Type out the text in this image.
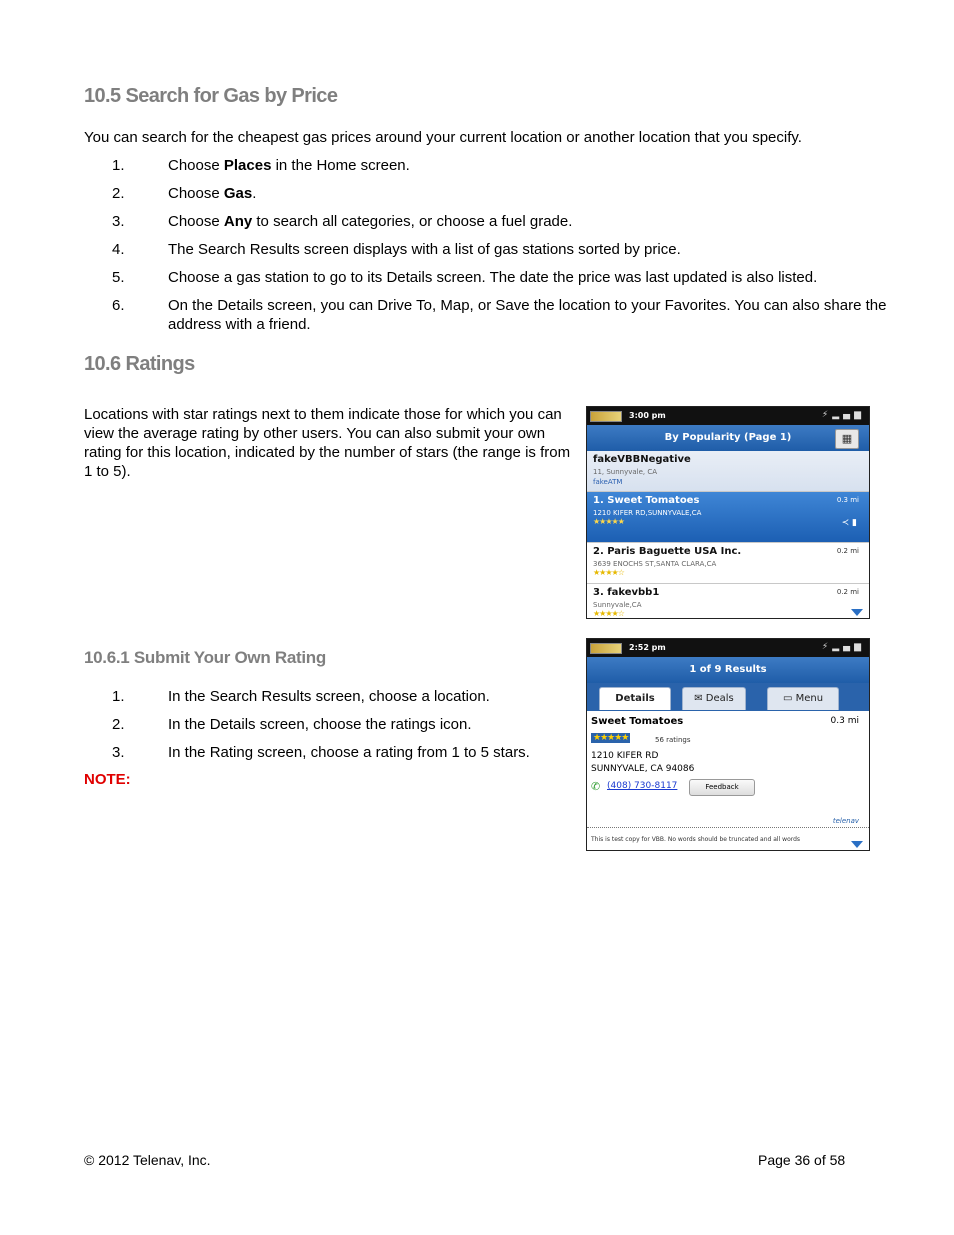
10.5 Search for Gas by Price

You can search for the cheapest gas prices around your current location or another location that you specify.

1.	Choose Places in the Home screen.
2.	Choose Gas.
3.	Choose Any to search all categories, or choose a fuel grade.
4.	The Search Results screen displays with a list of gas stations sorted by price.
5.	Choose a gas station to go to its Details screen. The date the price was last updated is also listed.
6.	On the Details screen, you can Drive To, Map, or Save the location to your Favorites. You can also share the
address with a friend.
10.6 Ratings

Locations with star ratings next to them indicate those for which you can
view the average rating by other users. You can also submit your own
rating for this location, indicated by the number of stars (the range is from
1 to 5).

3:00 pm	⚡▂▄▆
By Popularity (Page 1)	▦
fakeVBBNegative
11, Sunnyvale, CA
fakeATM
1. Sweet Tomatoes
1210 KIFER RD,SUNNYVALE,CA
★★★★★
0.3 mi
≺ ▮
2. Paris Baguette USA Inc.
3639 ENOCHS ST,SANTA CLARA,CA
★★★★☆
0.2 mi
3. fakevbb1
Sunnyvale,CA
★★★★☆
0.2 mi
10.6.1 Submit Your Own Rating
1.	In the Search Results screen, choose a location.
2.	In the Details screen, choose the ratings icon.
3.	In the Rating screen, choose a rating from 1 to 5 stars.
NOTE:
2:52 pm	⚡▂▄▆
1 of 9 Results
Details	✉ Deals	▭ Menu
Sweet Tomatoes	0.3 mi
★★★★★	56 ratings
1210 KIFER RD
SUNNYVALE, CA 94086
✆ (408) 730-8117	Feedback
telenav
This is test copy for VBB. No words should be truncated and all words
© 2012 Telenav, Inc.	Page 36 of 58
